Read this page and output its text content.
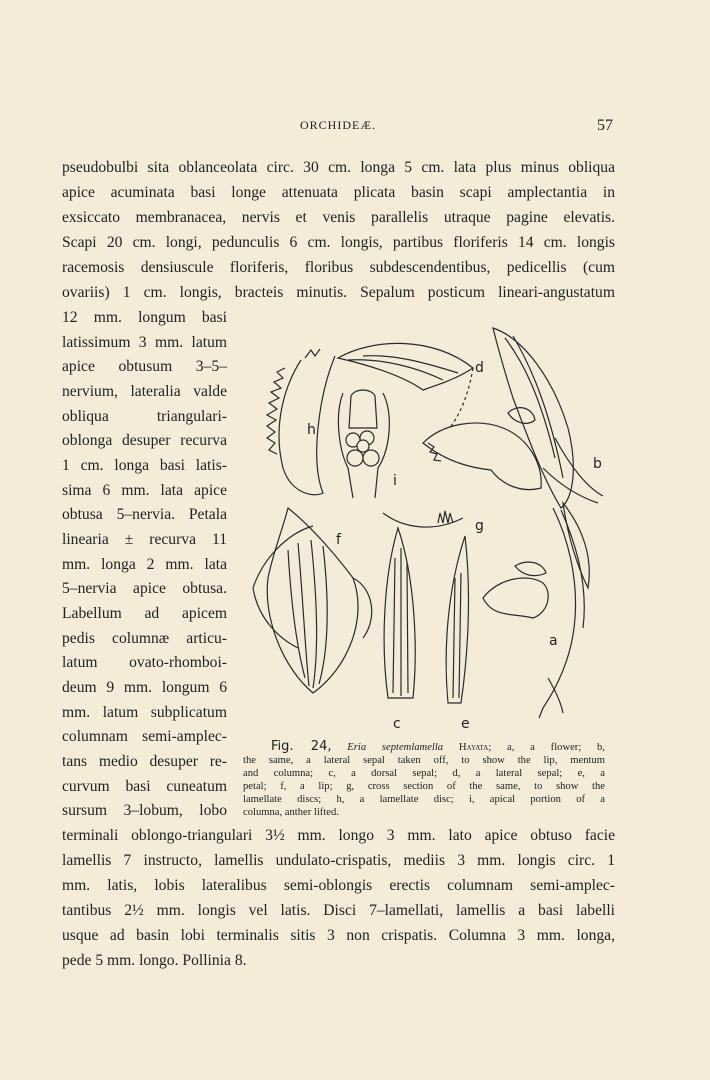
ORCHIDEÆ.	57
pseudobulbi sita oblanceolata circ. 30 cm. longa 5 cm. lata plus minus obliqua
apice acuminata basi longe attenuata plicata basin scapi amplectantia in
exsiccato membranacea, nervis et venis parallelis utraque pagine elevatis.
Scapi 20 cm. longi, pedunculis 6 cm. longis, partibus floriferis 14 cm. longis
racemosis densiuscule floriferis, floribus subdescendentibus, pedicellis (cum
ovariis) 1 cm. longis, bracteis minutis. Sepalum posticum lineari-angustatum
12 mm. longum basi
latissimum 3 mm. latum
apice obtusum 3–5–
nervium, lateralia valde
obliqua triangulari-
oblonga desuper recurva
1 cm. longa basi latis-
sima 6 mm. lata apice
obtusa 5–nervia. Petala
linearia ± recurva 11
mm. longa 2 mm. lata
5–nervia apice obtusa.
Labellum ad apicem
pedis columnæ articu-
latum ovato-rhomboi-
deum 9 mm. longum 6
mm. latum subplicatum
columnam semi-amplec-
tans medio desuper re-
curvum basi cuneatum
sursum 3–lobum, lobo
terminali oblongo-triangulari 3½ mm. longo 3 mm. lato apice obtuso facie
lamellis 7 instructo, lamellis undulato-crispatis, mediis 3 mm. longis circ. 1
mm. latis, lobis lateralibus semi-oblongis erectis columnam semi-amplec-
tantibus 2½ mm. longis vel latis. Disci 7–lamellati, lamellis a basi labelli
usque ad basin lobi terminalis sitis 3 non crispatis. Columna 3 mm. longa,
pede 5 mm. longo. Pollinia 8.
h
i
d
b
g
f
a
c	e
Fig. 24, Eria septemlamella Hayata; a, a flower; b,
the same, a lateral sepal taken off, to show the lip, mentum
and columna; c, a dorsal sepal; d, a lateral sepal; e, a
petal; f, a lip; g, cross section of the same, to show the
lamellate discs; h, a lamellate disc; i, apical portion of a
columna, anther lifted.
